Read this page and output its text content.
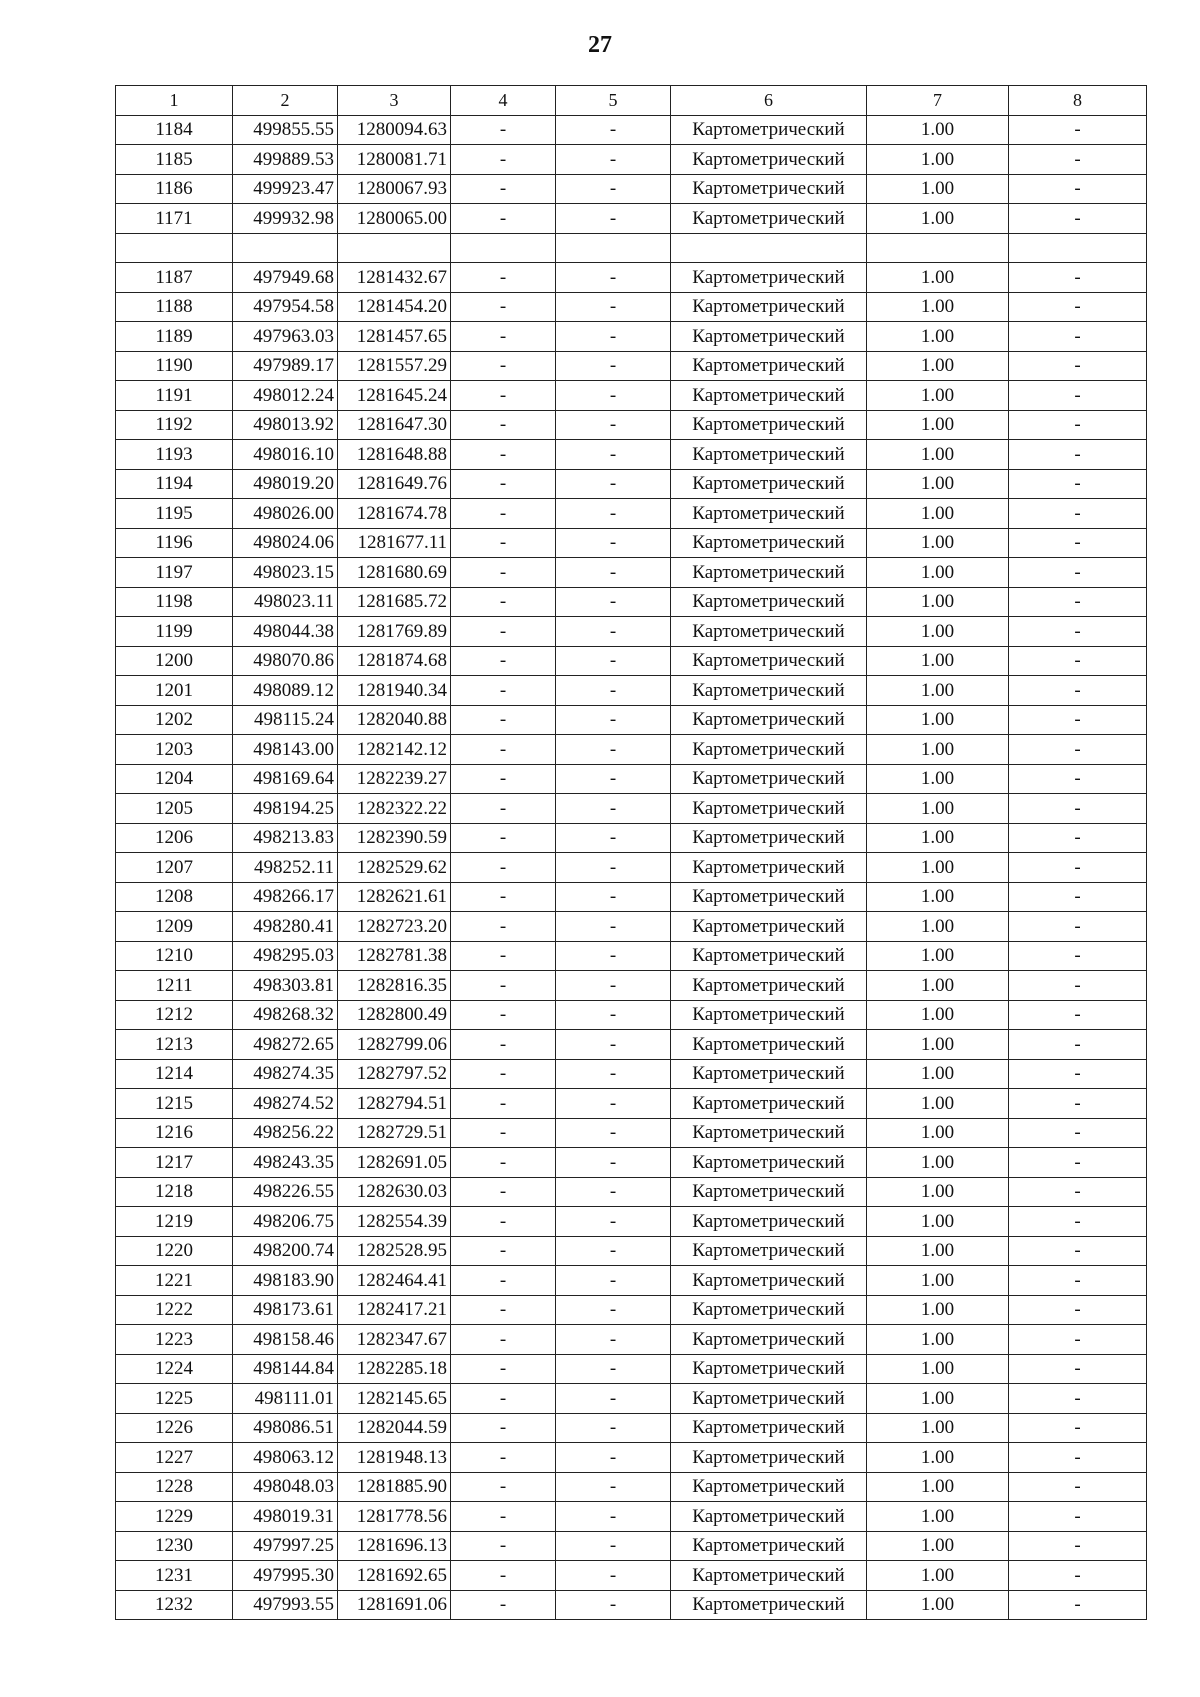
27
1	2	3	4	5	6	7	8
1184	499855.55	1280094.63	-	-	Картометрический	1.00	-
1185	499889.53	1280081.71	-	-	Картометрический	1.00	-
1186	499923.47	1280067.93	-	-	Картометрический	1.00	-
1171	499932.98	1280065.00	-	-	Картометрический	1.00	-

1187	497949.68	1281432.67	-	-	Картометрический	1.00	-
1188	497954.58	1281454.20	-	-	Картометрический	1.00	-
1189	497963.03	1281457.65	-	-	Картометрический	1.00	-
1190	497989.17	1281557.29	-	-	Картометрический	1.00	-
1191	498012.24	1281645.24	-	-	Картометрический	1.00	-
1192	498013.92	1281647.30	-	-	Картометрический	1.00	-
1193	498016.10	1281648.88	-	-	Картометрический	1.00	-
1194	498019.20	1281649.76	-	-	Картометрический	1.00	-
1195	498026.00	1281674.78	-	-	Картометрический	1.00	-
1196	498024.06	1281677.11	-	-	Картометрический	1.00	-
1197	498023.15	1281680.69	-	-	Картометрический	1.00	-
1198	498023.11	1281685.72	-	-	Картометрический	1.00	-
1199	498044.38	1281769.89	-	-	Картометрический	1.00	-
1200	498070.86	1281874.68	-	-	Картометрический	1.00	-
1201	498089.12	1281940.34	-	-	Картометрический	1.00	-
1202	498115.24	1282040.88	-	-	Картометрический	1.00	-
1203	498143.00	1282142.12	-	-	Картометрический	1.00	-
1204	498169.64	1282239.27	-	-	Картометрический	1.00	-
1205	498194.25	1282322.22	-	-	Картометрический	1.00	-
1206	498213.83	1282390.59	-	-	Картометрический	1.00	-
1207	498252.11	1282529.62	-	-	Картометрический	1.00	-
1208	498266.17	1282621.61	-	-	Картометрический	1.00	-
1209	498280.41	1282723.20	-	-	Картометрический	1.00	-
1210	498295.03	1282781.38	-	-	Картометрический	1.00	-
1211	498303.81	1282816.35	-	-	Картометрический	1.00	-
1212	498268.32	1282800.49	-	-	Картометрический	1.00	-
1213	498272.65	1282799.06	-	-	Картометрический	1.00	-
1214	498274.35	1282797.52	-	-	Картометрический	1.00	-
1215	498274.52	1282794.51	-	-	Картометрический	1.00	-
1216	498256.22	1282729.51	-	-	Картометрический	1.00	-
1217	498243.35	1282691.05	-	-	Картометрический	1.00	-
1218	498226.55	1282630.03	-	-	Картометрический	1.00	-
1219	498206.75	1282554.39	-	-	Картометрический	1.00	-
1220	498200.74	1282528.95	-	-	Картометрический	1.00	-
1221	498183.90	1282464.41	-	-	Картометрический	1.00	-
1222	498173.61	1282417.21	-	-	Картометрический	1.00	-
1223	498158.46	1282347.67	-	-	Картометрический	1.00	-
1224	498144.84	1282285.18	-	-	Картометрический	1.00	-
1225	498111.01	1282145.65	-	-	Картометрический	1.00	-
1226	498086.51	1282044.59	-	-	Картометрический	1.00	-
1227	498063.12	1281948.13	-	-	Картометрический	1.00	-
1228	498048.03	1281885.90	-	-	Картометрический	1.00	-
1229	498019.31	1281778.56	-	-	Картометрический	1.00	-
1230	497997.25	1281696.13	-	-	Картометрический	1.00	-
1231	497995.30	1281692.65	-	-	Картометрический	1.00	-
1232	497993.55	1281691.06	-	-	Картометрический	1.00	-
